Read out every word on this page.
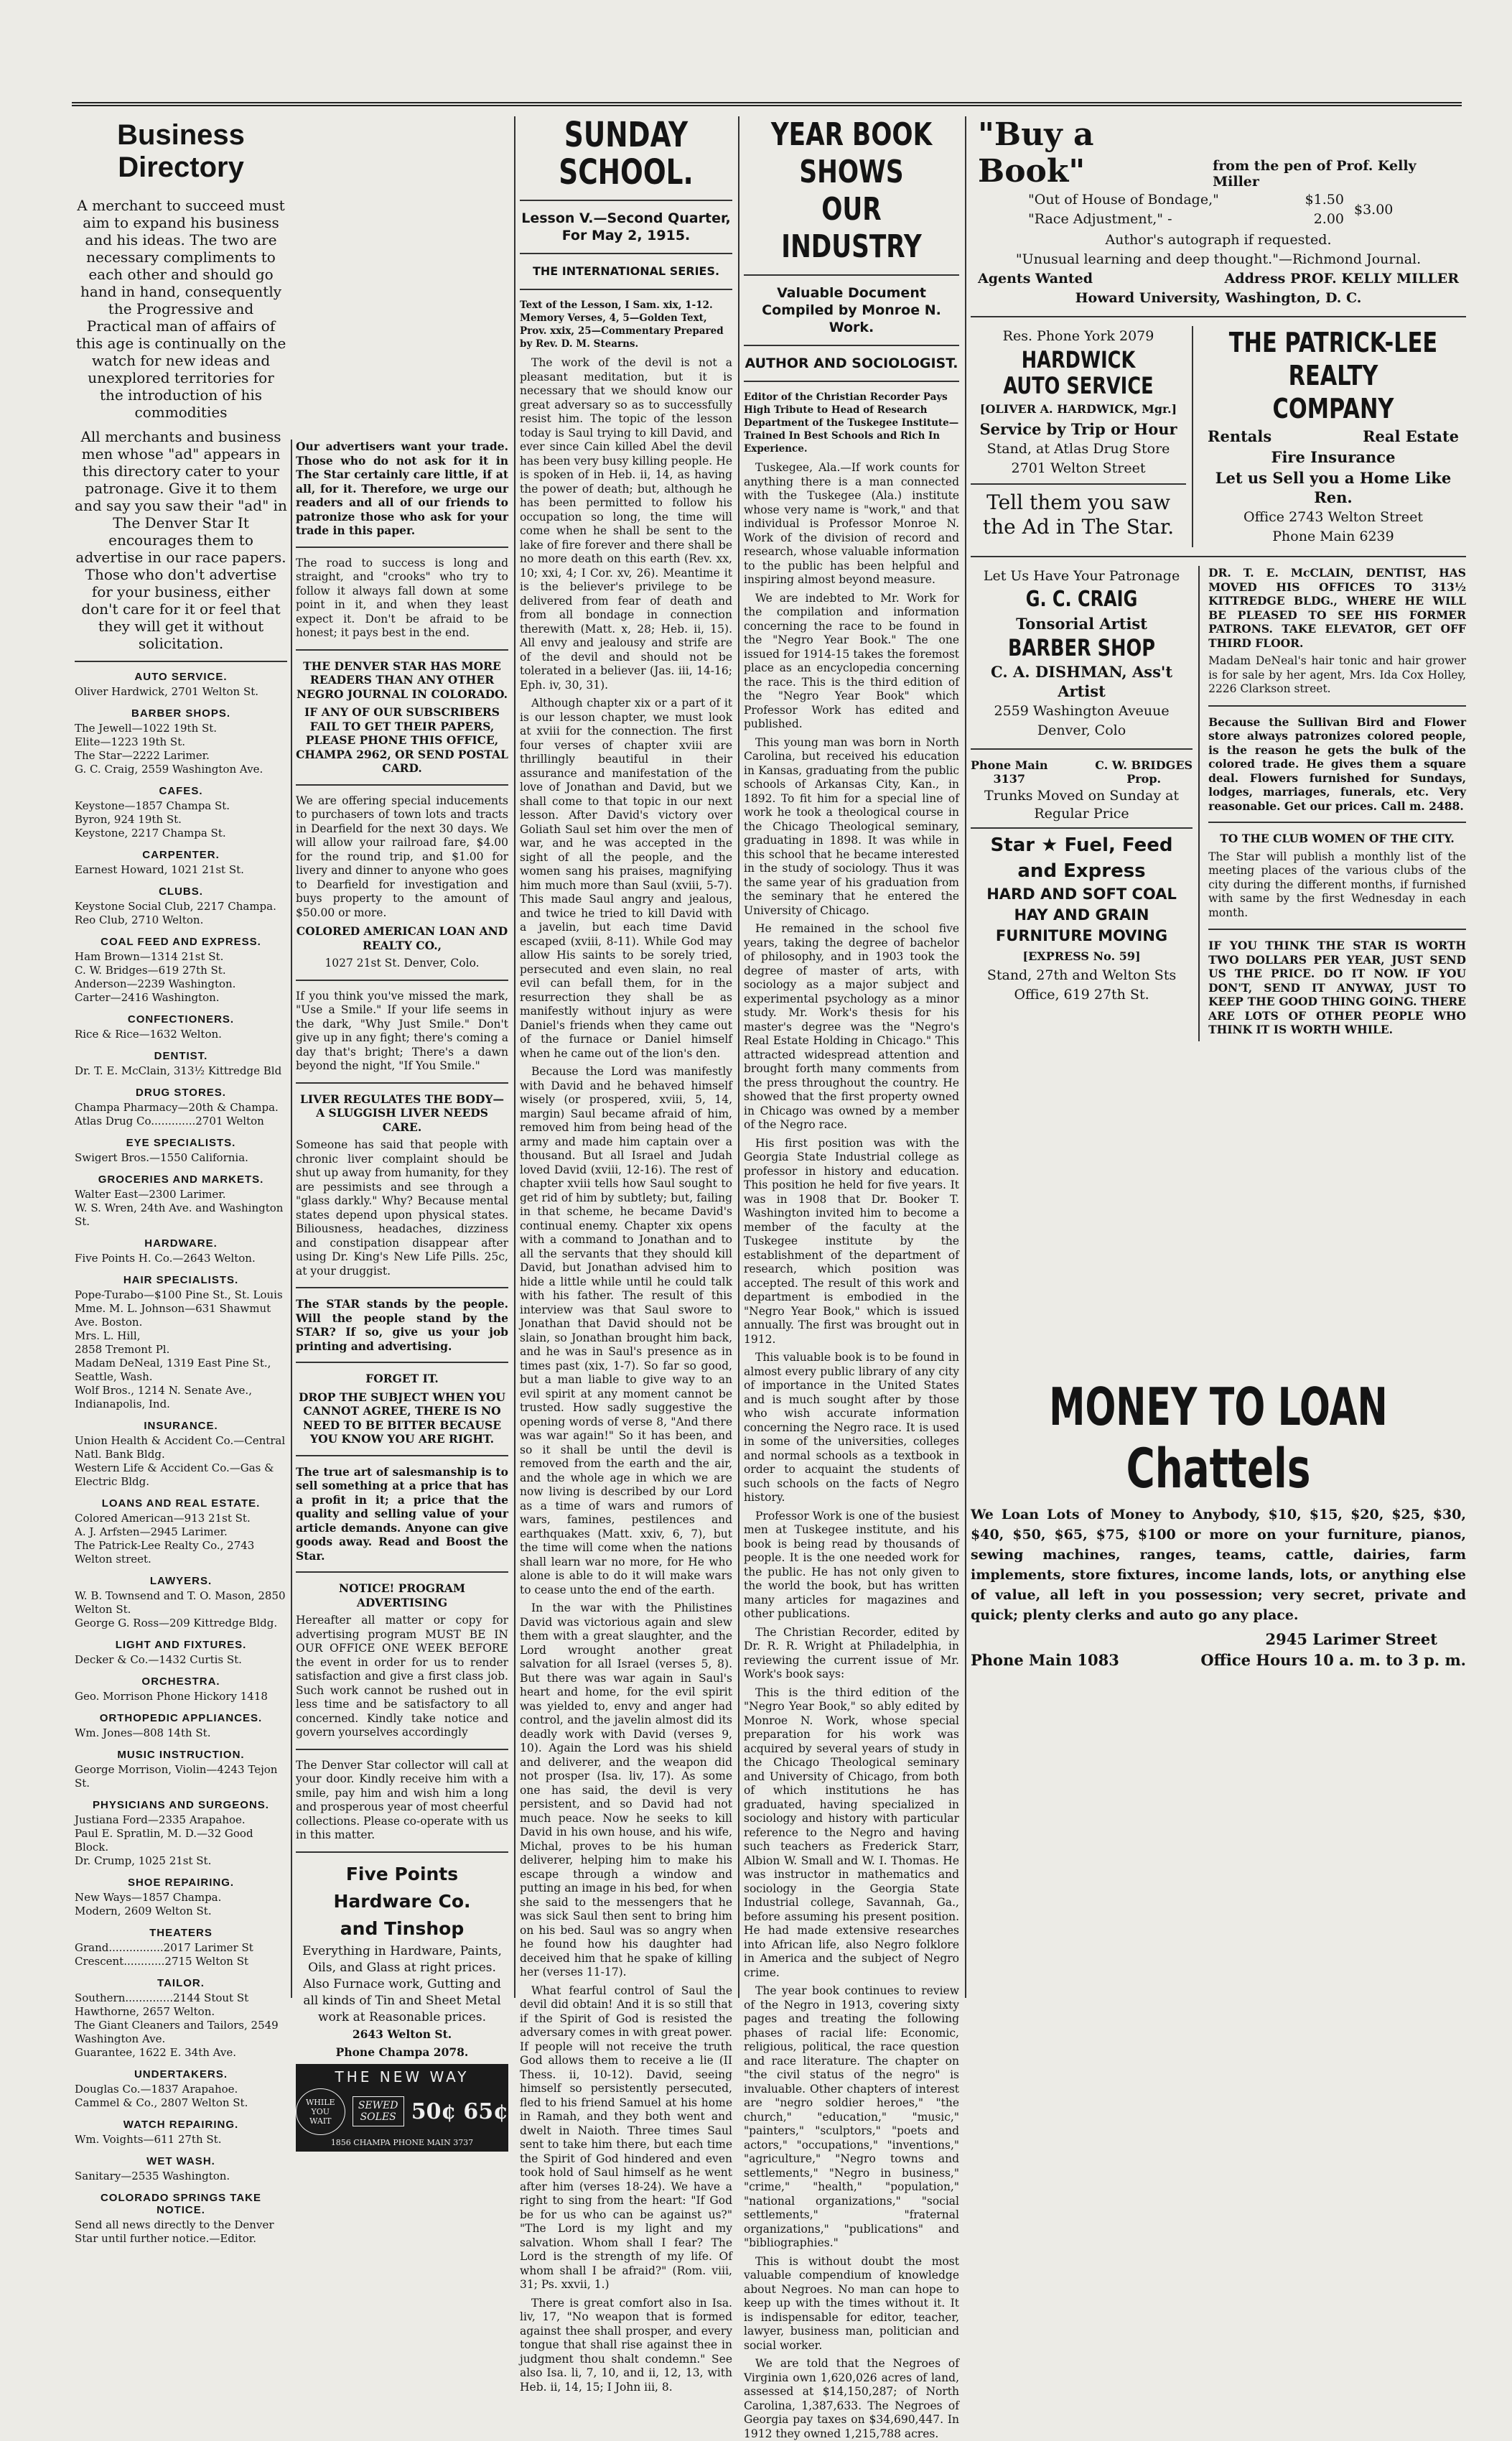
Business Directory

A merchant to succeed must aim to expand his business and his ideas. The two are necessary compliments to each other and should go hand in hand, consequently the Progressive and Practical man of affairs of this age is continually on the watch for new ideas and unexplored territories for the introduction of his commodities

All merchants and business men whose "ad" appears in this directory cater to your patronage. Give it to them and say you saw their "ad" in The Denver Star It encourages them to advertise in our race papers. Those who don't advertise for your business, either don't care for it or feel that they will get it without solicitation.

AUTO SERVICE.

Oliver Hardwick, 2701 Welton St.

BARBER SHOPS.

The Jewell—1022 19th St.

Elite—1223 19th St.

The Star—2222 Larimer.

G. C. Craig, 2559 Washington Ave.

CAFES.

Keystone—1857 Champa St.

Byron, 924 19th St.

Keystone, 2217 Champa St.

CARPENTER.

Earnest Howard, 1021 21st St.

CLUBS.

Keystone Social Club, 2217 Champa.

Reo Club, 2710 Welton.

COAL FEED AND EXPRESS.

Ham Brown—1314 21st St.

C. W. Bridges—619 27th St.

Anderson—2239 Washington.

Carter—2416 Washington.

CONFECTIONERS.

Rice & Rice—1632 Welton.

DENTIST.

Dr. T. E. McClain, 313½ Kittredge Bld

DRUG STORES.

Champa Pharmacy—20th & Champa.

Atlas Drug Co.............2701 Welton

EYE SPECIALISTS.

Swigert Bros.—1550 California.

GROCERIES AND MARKETS.

Walter East—2300 Larimer.

W. S. Wren, 24th Ave. and Washington St.

HARDWARE.

Five Points H. Co.—2643 Welton.

HAIR SPECIALISTS.

Pope-Turabo—$100 Pine St., St. Louis

Mme. M. L. Johnson—631 Shawmut Ave. Boston.

Mrs. L. Hill,

2858 Tremont Pl.

Madam DeNeal, 1319 East Pine St., Seattle, Wash.

Wolf Bros., 1214 N. Senate Ave., Indianapolis, Ind.

INSURANCE.

Union Health & Accident Co.—Central Natl. Bank Bldg.

Western Life & Accident Co.—Gas & Electric Bldg.

LOANS AND REAL ESTATE.

Colored American—913 21st St.

A. J. Arfsten—2945 Larimer.

The Patrick-Lee Realty Co., 2743 Welton street.

LAWYERS.

W. B. Townsend and T. O. Mason, 2850 Welton St.

George G. Ross—209 Kittredge Bldg.

LIGHT AND FIXTURES.

Decker & Co.—1432 Curtis St.

ORCHESTRA.

Geo. Morrison Phone Hickory 1418

ORTHOPEDIC APPLIANCES.

Wm. Jones—808 14th St.

MUSIC INSTRUCTION.

George Morrison, Violin—4243 Tejon St.

PHYSICIANS AND SURGEONS.

Justiana Ford—2335 Arapahoe.

Paul E. Spratlin, M. D.—32 Good Block.

Dr. Crump, 1025 21st St.

SHOE REPAIRING.

New Ways—1857 Champa.

Modern, 2609 Welton St.

THEATERS

Grand................2017 Larimer St

Crescent............2715 Welton St

TAILOR.

Southern..............2144 Stout St

Hawthorne, 2657 Welton.

The Giant Cleaners and Tailors, 2549 Washington Ave.

Guarantee, 1622 E. 34th Ave.

UNDERTAKERS.

Douglas Co.—1837 Arapahoe.

Cammel & Co., 2807 Welton St.

WATCH REPAIRING.

Wm. Voights—611 27th St.

WET WASH.

Sanitary—2535 Washington.

COLORADO SPRINGS TAKE NOTICE.

Send all news directly to the Denver Star until further notice.—Editor.

Our advertisers want your trade. Those who do not ask for it in The Star certainly care little, if at all, for it. Therefore, we urge our readers and all of our friends to patronize those who ask for your trade in this paper.

The road to success is long and straight, and "crooks" who try to follow it always fall down at some point in it, and when they least expect it. Don't be afraid to be honest; it pays best in the end.

THE DENVER STAR HAS MORE READERS THAN ANY OTHER NEGRO JOURNAL IN COLORADO.

IF ANY OF OUR SUBSCRIBERS FAIL TO GET THEIR PAPERS, PLEASE PHONE THIS OFFICE, CHAMPA 2962, OR SEND POSTAL CARD.

We are offering special inducements to purchasers of town lots and tracts in Dearfield for the next 30 days. We will allow your railroad fare, $4.00 for the round trip, and $1.00 for livery and dinner to anyone who goes to Dearfield for investigation and buys property to the amount of $50.00 or more.

COLORED AMERICAN LOAN AND REALTY CO.,

1027 21st St. Denver, Colo.

If you think you've missed the mark, "Use a Smile." If your life seems in the dark, "Why Just Smile." Don't give up in any fight; there's coming a day that's bright; There's a dawn beyond the night, "If You Smile."

LIVER REGULATES THE BODY—A SLUGGISH LIVER NEEDS CARE.

Someone has said that people with chronic liver complaint should be shut up away from humanity, for they are pessimists and see through a "glass darkly." Why? Because mental states depend upon physical states. Biliousness, headaches, dizziness and constipation disappear after using Dr. King's New Life Pills. 25c, at your druggist.

The STAR stands by the people. Will the people stand by the STAR? If so, give us your job printing and advertising.

FORGET IT.

DROP THE SUBJECT WHEN YOU CANNOT AGREE, THERE IS NO NEED TO BE BITTER BECAUSE YOU KNOW YOU ARE RIGHT.

The true art of salesmanship is to sell something at a price that has a profit in it; a price that the quality and selling value of your article demands. Anyone can give goods away. Read and Boost the Star.

NOTICE! PROGRAM ADVERTISING

Hereafter all matter or copy for advertising program MUST BE IN OUR OFFICE ONE WEEK BEFORE the event in order for us to render satisfaction and give a first class job. Such work cannot be rushed out in less time and be satisfactory to all concerned. Kindly take notice and govern yourselves accordingly

The Denver Star collector will call at your door. Kindly receive him with a smile, pay him and wish him a long and prosperous year of most cheerful collections. Please co-operate with us in this matter.

Five Points
Hardware Co.
and Tinshop

Everything in Hardware, Paints, Oils, and Glass at right prices. Also Furnace work, Gutting and all kinds of Tin and Sheet Metal work at Reasonable prices.

2643 Welton St.

Phone Champa 2078.

THE NEW WAY
WHILE YOU WAIT
SEWED SOLES 50¢ 65¢
1856 CHAMPA PHONE MAIN 3737
SUNDAY SCHOOL.
Lesson V.—Second Quarter, For May 2, 1915.
THE INTERNATIONAL SERIES.

Text of the Lesson, I Sam. xix, 1-12. Memory Verses, 4, 5—Golden Text, Prov. xxix, 25—Commentary Prepared by Rev. D. M. Stearns.

The work of the devil is not a pleasant meditation, but it is necessary that we should know our great adversary so as to successfully resist him. The topic of the lesson today is Saul trying to kill David, and ever since Cain killed Abel the devil has been very busy killing people. He is spoken of in Heb. ii, 14, as having the power of death; but, although he has been permitted to follow his occupation so long, the time will come when he shall be sent to the lake of fire forever and there shall be no more death on this earth (Rev. xx, 10; xxi, 4; I Cor. xv, 26). Meantime it is the believer's privilege to be delivered from fear of death and from all bondage in connection therewith (Matt. x, 28; Heb. ii, 15). All envy and jealousy and strife are of the devil and should not be tolerated in a believer (Jas. iii, 14-16; Eph. iv, 30, 31).

Although chapter xix or a part of it is our lesson chapter, we must look at xviii for the connection. The first four verses of chapter xviii are thrillingly beautiful in their assurance and manifestation of the love of Jonathan and David, but we shall come to that topic in our next lesson. After David's victory over Goliath Saul set him over the men of war, and he was accepted in the sight of all the people, and the women sang his praises, magnifying him much more than Saul (xviii, 5-7). This made Saul angry and jealous, and twice he tried to kill David with a javelin, but each time David escaped (xviii, 8-11). While God may allow His saints to be sorely tried, persecuted and even slain, no real evil can befall them, for in the resurrection they shall be as manifestly without injury as were Daniel's friends when they came out of the furnace or Daniel himself when he came out of the lion's den.

Because the Lord was manifestly with David and he behaved himself wisely (or prospered, xviii, 5, 14, margin) Saul became afraid of him, removed him from being head of the army and made him captain over a thousand. But all Israel and Judah loved David (xviii, 12-16). The rest of chapter xviii tells how Saul sought to get rid of him by subtlety; but, failing in that scheme, he became David's continual enemy. Chapter xix opens with a command to Jonathan and to all the servants that they should kill David, but Jonathan advised him to hide a little while until he could talk with his father. The result of this interview was that Saul swore to Jonathan that David should not be slain, so Jonathan brought him back, and he was in Saul's presence as in times past (xix, 1-7). So far so good, but a man liable to give way to an evil spirit at any moment cannot be trusted. How sadly suggestive the opening words of verse 8, "And there was war again!" So it has been, and so it shall be until the devil is removed from the earth and the air, and the whole age in which we are now living is described by our Lord as a time of wars and rumors of wars, famines, pestilences and earthquakes (Matt. xxiv, 6, 7), but the time will come when the nations shall learn war no more, for He who alone is able to do it will make wars to cease unto the end of the earth.

In the war with the Philistines David was victorious again and slew them with a great slaughter, and the Lord wrought another great salvation for all Israel (verses 5, 8). But there was war again in Saul's heart and home, for the evil spirit was yielded to, envy and anger had control, and the javelin almost did its deadly work with David (verses 9, 10). Again the Lord was his shield and deliverer, and the weapon did not prosper (Isa. liv, 17). As some one has said, the devil is very persistent, and so David had not much peace. Now he seeks to kill David in his own house, and his wife, Michal, proves to be his human deliverer, helping him to make his escape through a window and putting an image in his bed, for when she said to the messengers that he was sick Saul then sent to bring him on his bed. Saul was so angry when he found how his daughter had deceived him that he spake of killing her (verses 11-17).

What fearful control of Saul the devil did obtain! And it is so still that if the Spirit of God is resisted the adversary comes in with great power. If people will not receive the truth God allows them to receive a lie (II Thess. ii, 10-12). David, seeing himself so persistently persecuted, fled to his friend Samuel at his home in Ramah, and they both went and dwelt in Naioth. Three times Saul sent to take him there, but each time the Spirit of God hindered and even took hold of Saul himself as he went after him (verses 18-24). We have a right to sing from the heart: "If God be for us who can be against us?" "The Lord is my light and my salvation. Whom shall I fear? The Lord is the strength of my life. Of whom shall I be afraid?" (Rom. viii, 31; Ps. xxvii, 1.)

There is great comfort also in Isa. liv, 17, "No weapon that is formed against thee shall prosper, and every tongue that shall rise against thee in judgment thou shalt condemn." See also Isa. li, 7, 10, and ii, 12, 13, with Heb. ii, 14, 15; I John iii, 8.

YEAR BOOK SHOWS
OUR INDUSTRY
Valuable Document Compiled by Monroe N. Work.
AUTHOR AND SOCIOLOGIST.

Editor of the Christian Recorder Pays High Tribute to Head of Research Department of the Tuskegee Institute—Trained In Best Schools and Rich In Experience.

Tuskegee, Ala.—If work counts for anything there is a man connected with the Tuskegee (Ala.) institute whose very name is "work," and that individual is Professor Monroe N. Work of the division of record and research, whose valuable information to the public has been helpful and inspiring almost beyond measure.

We are indebted to Mr. Work for the compilation and information concerning the race to be found in the "Negro Year Book." The one issued for 1914-15 takes the foremost place as an encyclopedia concerning the race. This is the third edition of the "Negro Year Book" which Professor Work has edited and published.

This young man was born in North Carolina, but received his education in Kansas, graduating from the public schools of Arkansas City, Kan., in 1892. To fit him for a special line of work he took a theological course in the Chicago Theological seminary, graduating in 1898. It was while in this school that he became interested in the study of sociology. Thus it was the same year of his graduation from the seminary that he entered the University of Chicago.

He remained in the school five years, taking the degree of bachelor of philosophy, and in 1903 took the degree of master of arts, with sociology as a major subject and experimental psychology as a minor study. Mr. Work's thesis for his master's degree was the "Negro's Real Estate Holding in Chicago." This attracted widespread attention and brought forth many comments from the press throughout the country. He showed that the first property owned in Chicago was owned by a member of the Negro race.

His first position was with the Georgia State Industrial college as professor in history and education. This position he held for five years. It was in 1908 that Dr. Booker T. Washington invited him to become a member of the faculty at the Tuskegee institute by the establishment of the department of research, which position was accepted. The result of this work and department is embodied in the "Negro Year Book," which is issued annually. The first was brought out in 1912.

This valuable book is to be found in almost every public library of any city of importance in the United States and is much sought after by those who wish accurate information concerning the Negro race. It is used in some of the universities, colleges and normal schools as a textbook in order to acquaint the students of such schools on the facts of Negro history.

Professor Work is one of the busiest men at Tuskegee institute, and his book is being read by thousands of people. It is the one needed work for the public. He has not only given to the world the book, but has written many articles for magazines and other publications.

The Christian Recorder, edited by Dr. R. R. Wright at Philadelphia, in reviewing the current issue of Mr. Work's book says:

This is the third edition of the "Negro Year Book," so ably edited by Monroe N. Work, whose special preparation for his work was acquired by several years of study in the Chicago Theological seminary and University of Chicago, from both of which institutions he has graduated, having specialized in sociology and history with particular reference to the Negro and having such teachers as Frederick Starr, Albion W. Small and W. I. Thomas. He was instructor in mathematics and sociology in the Georgia State Industrial college, Savannah, Ga., before assuming his present position. He had made extensive researches into African life, also Negro folklore in America and the subject of Negro crime.

The year book continues to review of the Negro in 1913, covering sixty pages and treating the following phases of racial life: Economic, religious, political, the race question and race literature. The chapter on "the civil status of the negro" is invaluable. Other chapters of interest are "negro soldier heroes," "the church," "education," "music," "painters," "sculptors," "poets and actors," "occupations," "inventions," "agriculture," "Negro towns and settlements," "Negro in business," "crime," "health," "population," "national organizations," "social settlements," "fraternal organizations," "publications" and "bibliographies."

This is without doubt the most valuable compendium of knowledge about Negroes. No man can hope to keep up with the times without it. It is indispensable for editor, teacher, lawyer, business man, politician and social worker.

We are told that the Negroes of Virginia own 1,620,026 acres of land, assessed at $14,150,287; of North Carolina, 1,387,633. The Negroes of Georgia pay taxes on $34,690,447. In 1912 they owned 1,215,788 acres.

"Buy a Book"	from the pen of Prof. Kelly Miller
"Out of House of Bondage,"	$1.50
"Race Adjustment," -	2.00
$3.00
Author's autograph if requested.
"Unusual learning and deep thought."—Richmond Journal.
Agents Wanted	Address PROF. KELLY MILLER
Howard University, Washington, D. C.
Res. Phone York 2079
HARDWICK AUTO SERVICE
[OLIVER A. HARDWICK, Mgr.]
Service by Trip or Hour
Stand, at Atlas Drug Store
2701 Welton Street
Tell them you saw the Ad in The Star.
THE PATRICK-LEE REALTY COMPANY
Rentals	Real Estate
Fire Insurance
Let us Sell you a Home Like Ren.
Office 2743 Welton Street
Phone Main 6239
Let Us Have Your Patronage
G. C. CRAIG
Tonsorial Artist
BARBER SHOP
C. A. DISHMAN, Ass't Artist
2559 Washington Aveuue
Denver, Colo
Phone Main
3137
C. W. BRIDGES
Prop.
Trunks Moved on Sunday at Regular Price
Star ★ Fuel, Feed
and Express
HARD AND SOFT COAL
HAY AND GRAIN
FURNITURE MOVING
[EXPRESS No. 59]
Stand, 27th and Welton Sts
Office, 619 27th St.

DR. T. E. McCLAIN, DENTIST, HAS MOVED HIS OFFICES TO 313½ KITTREDGE BLDG., WHERE HE WILL BE PLEASED TO SEE HIS FORMER PATRONS. TAKE ELEVATOR, GET OFF THIRD FLOOR.

Madam DeNeal's hair tonic and hair grower is for sale by her agent, Mrs. Ida Cox Holley, 2226 Clarkson street.

Because the Sullivan Bird and Flower store always patronizes colored people, is the reason he gets the bulk of the colored trade. He gives them a square deal. Flowers furnished for Sundays, lodges, marriages, funerals, etc. Very reasonable. Get our prices. Call m. 2488.

TO THE CLUB WOMEN OF THE CITY.

The Star will publish a monthly list of the meeting places of the various clubs of the city during the different months, if furnished with same by the first Wednesday in each month.

IF YOU THINK THE STAR IS WORTH TWO DOLLARS PER YEAR, JUST SEND US THE PRICE. DO IT NOW. IF YOU DON'T, SEND IT ANYWAY, JUST TO KEEP THE GOOD THING GOING. THERE ARE LOTS OF OTHER PEOPLE WHO THINK IT IS WORTH WHILE.

MONEY TO LOAN
Chattels

We Loan Lots of Money to Anybody, $10, $15, $20, $25, $30, $40, $50, $65, $75, $100 or more on your furniture, pianos, sewing machines, ranges, teams, cattle, dairies, farm implements, store fixtures, income lands, lots, or anything else of value, all left in you possession; very secret, private and quick; plenty clerks and auto go any place.

2945 Larimer Street
Phone Main 1083	Office Hours 10 a. m. to 3 p. m.
